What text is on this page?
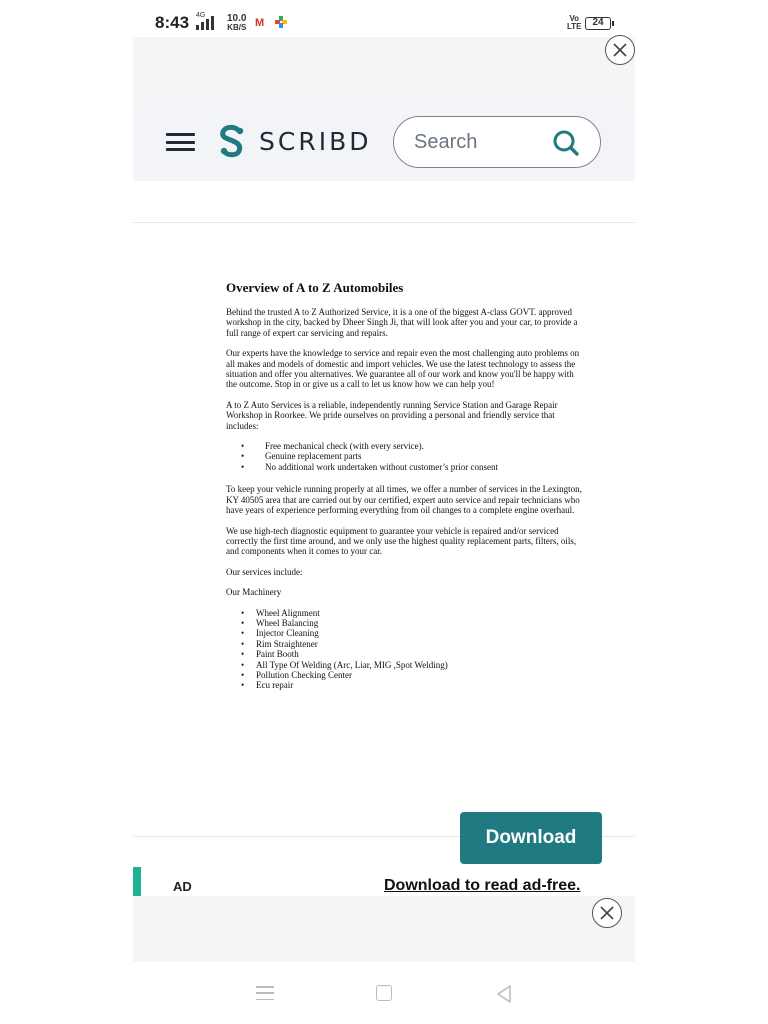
8:43 4G 10.0
KB/S M	Vo
LTE	24
SCRIBD
Search
Overview of A to Z Automobiles

Behind the trusted A to Z Authorized Service, it is a one of the biggest A-class GOVT. approved workshop in the city, backed by Dheer Singh Ji, that will look after you and your car, to provide a full range of expert car servicing and repairs.

Our experts have the knowledge to service and repair even the most challenging auto problems on all makes and models of domestic and import vehicles. We use the latest technology to assess the situation and offer you alternatives. We guarantee all of our work and know you'll be happy with the outcome. Stop in or give us a call to let us know how we can help you!

A to Z Auto Services is a reliable, independently running Service Station and Garage Repair Workshop in Roorkee. We pride ourselves on providing a personal and friendly service that includes:

• Free mechanical check (with every service).
• Genuine replacement parts
• No additional work undertaken without customer’s prior consent

To keep your vehicle running properly at all times, we offer a number of services in the Lexington, KY 40505 area that are carried out by our certified, expert auto service and repair technicians who have years of experience performing everything from oil changes to a complete engine overhaul.

We use high-tech diagnostic equipment to guarantee your vehicle is repaired and/or serviced correctly the first time around, and we only use the highest quality replacement parts, filters, oils, and components when it comes to your car.

Our services include:

Our Machinery

• Wheel Alignment
• Wheel Balancing
• Injector Cleaning
• Rim Straightener
• Paint Booth
• All Type Of Welding (Arc, Liar, MIG ,Spot Welding)
• Pollution Checking Center
• Ecu repair
Download
AD	Download to read ad-free.
